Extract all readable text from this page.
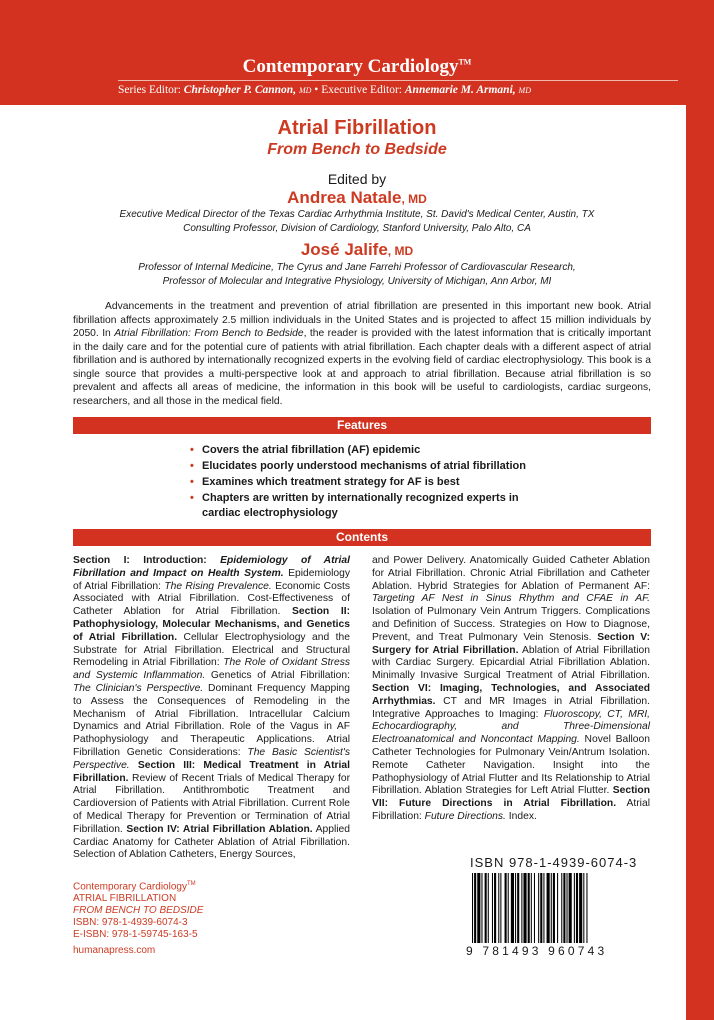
Contemporary Cardiology™
Series Editor: Christopher P. Cannon, MD • Executive Editor: Annemarie M. Armani, MD
Atrial Fibrillation
From Bench to Bedside
Edited by
Andrea Natale, MD
Executive Medical Director of the Texas Cardiac Arrhythmia Institute, St. David's Medical Center, Austin, TX
Consulting Professor, Division of Cardiology, Stanford University, Palo Alto, CA
José Jalife, MD
Professor of Internal Medicine, The Cyrus and Jane Farrehi Professor of Cardiovascular Research,
Professor of Molecular and Integrative Physiology, University of Michigan, Ann Arbor, MI

Advancements in the treatment and prevention of atrial fibrillation are presented in this important new book. Atrial fibrillation affects approximately 2.5 million individuals in the United States and is projected to affect 15 million individuals by 2050. In Atrial Fibrillation: From Bench to Bedside, the reader is provided with the latest information that is critically important in the daily care and for the potential cure of patients with atrial fibrillation. Each chapter deals with a different aspect of atrial fibrillation and is authored by internationally recognized experts in the evolving field of cardiac electrophysiology. This book is a single source that provides a multi-perspective look at and approach to atrial fibrillation. Because atrial fibrillation is so prevalent and affects all areas of medicine, the information in this book will be useful to cardiologists, cardiac surgeons, researchers, and all those in the medical field.

Features
• Covers the atrial fibrillation (AF) epidemic
• Elucidates poorly understood mechanisms of atrial fibrillation
• Examines which treatment strategy for AF is best
• Chapters are written by internationally recognized experts in cardiac electrophysiology
Contents

Section I: Introduction: Epidemiology of Atrial Fibrillation and Impact on Health System. Epidemiology of Atrial Fibrillation: The Rising Prevalence. Economic Costs Associated with Atrial Fibrillation. Cost-Effectiveness of Catheter Ablation for Atrial Fibrillation. Section II: Pathophysiology, Molecular Mechanisms, and Genetics of Atrial Fibrillation. Cellular Electrophysiology and the Substrate for Atrial Fibrillation. Electrical and Structural Remodeling in Atrial Fibrillation: The Role of Oxidant Stress and Systemic Inflammation. Genetics of Atrial Fibrillation: The Clinician's Perspective. Dominant Frequency Mapping to Assess the Consequences of Remodeling in the Mechanism of Atrial Fibrillation. Intracellular Calcium Dynamics and Atrial Fibrillation. Role of the Vagus in AF Pathophysiology and Therapeutic Applications. Atrial Fibrillation Genetic Considerations: The Basic Scientist's Perspective. Section III: Medical Treatment in Atrial Fibrillation. Review of Recent Trials of Medical Therapy for Atrial Fibrillation. Antithrombotic Treatment and Cardioversion of Patients with Atrial Fibrillation. Current Role of Medical Therapy for Prevention or Termination of Atrial Fibrillation. Section IV: Atrial Fibrillation Ablation. Applied Cardiac Anatomy for Catheter Ablation of Atrial Fibrillation. Selection of Ablation Catheters, Energy Sources,

and Power Delivery. Anatomically Guided Catheter Ablation for Atrial Fibrillation. Chronic Atrial Fibrillation and Catheter Ablation. Hybrid Strategies for Ablation of Permanent AF: Targeting AF Nest in Sinus Rhythm and CFAE in AF. Isolation of Pulmonary Vein Antrum Triggers. Complications and Definition of Success. Strategies on How to Diagnose, Prevent, and Treat Pulmonary Vein Stenosis. Section V: Surgery for Atrial Fibrillation. Ablation of Atrial Fibrillation with Cardiac Surgery. Epicardial Atrial Fibrillation Ablation. Minimally Invasive Surgical Treatment of Atrial Fibrillation. Section VI: Imaging, Technologies, and Associated Arrhythmias. CT and MR Images in Atrial Fibrillation. Integrative Approaches to Imaging: Fluoroscopy, CT, MRI, Echocardiography, and Three-Dimensional Electroanatomical and Noncontact Mapping. Novel Balloon Catheter Technologies for Pulmonary Vein/Antrum Isolation. Remote Catheter Navigation. Insight into the Pathophysiology of Atrial Flutter and Its Relationship to Atrial Fibrillation. Ablation Strategies for Left Atrial Flutter. Section VII: Future Directions in Atrial Fibrillation. Atrial Fibrillation: Future Directions. Index.

ISBN 978-1-4939-6074-3
9 781493 960743
Contemporary Cardiology™
ATRIAL FIBRILLATION
FROM BENCH TO BEDSIDE
ISBN: 978-1-4939-6074-3
E-ISBN: 978-1-59745-163-5
humanapress.com
